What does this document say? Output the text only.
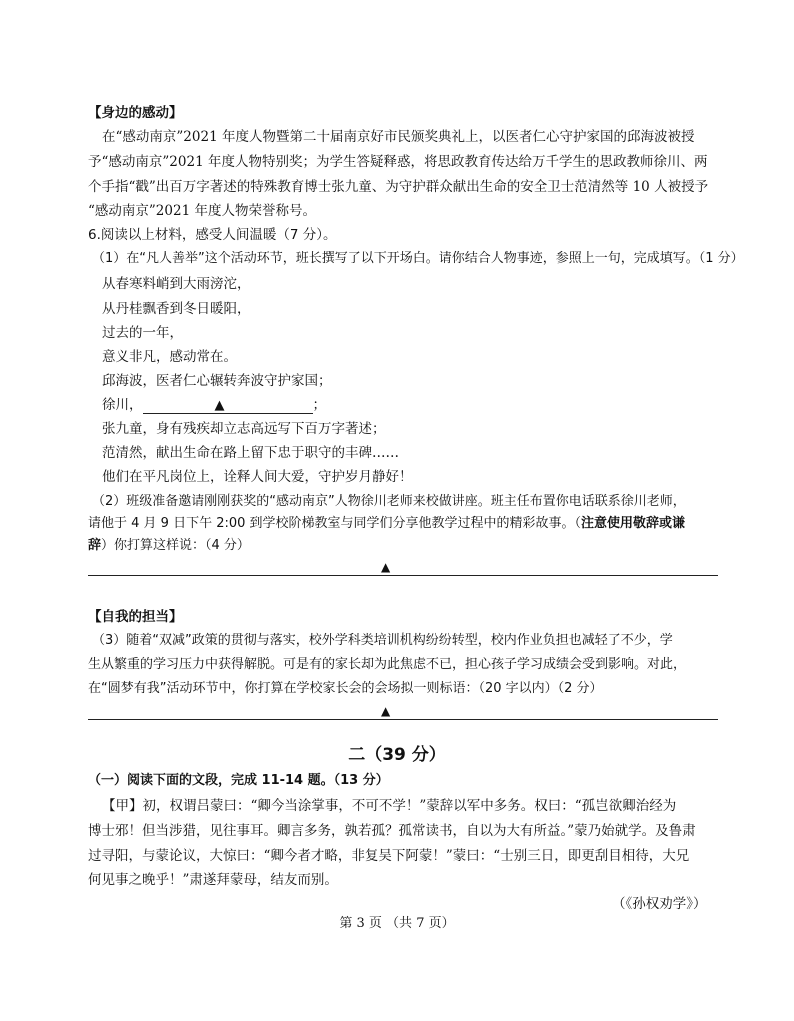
【身边的感动】
在“感动南京”2021 年度人物暨第二十届南京好市民颁奖典礼上，以医者仁心守护家国的邱海波被授
予“感动南京”2021 年度人物特别奖；为学生答疑释惑，将思政教育传达给万千学生的思政教师徐川、两
个手指“戳”出百万字著述的特殊教育博士张九童、为守护群众献出生命的安全卫士范清然等 10 人被授予
“感动南京”2021 年度人物荣誉称号。
6.阅读以上材料，感受人间温暖（7 分）。
（1）在“凡人善举”这个活动环节，班长撰写了以下开场白。请你结合人物事迹，参照上一句，完成填写。（1 分）
从春寒料峭到大雨滂沱，
从丹桂飘香到冬日暖阳，
过去的一年，
意义非凡，感动常在。
邱海波，医者仁心辗转奔波守护家国；
徐川，	▲	；
张九童，身有残疾却立志高远写下百万字著述；
范清然，献出生命在路上留下忠于职守的丰碑……
他们在平凡岗位上，诠释人间大爱，守护岁月静好！
（2）班级准备邀请刚刚获奖的“感动南京”人物徐川老师来校做讲座。班主任布置你电话联系徐川老师，
请他于 4 月 9 日下午 2:00 到学校阶梯教室与同学们分享他教学过程中的精彩故事。（注意使用敬辞或谦
辞）你打算这样说：（4 分）
▲
【自我的担当】
（3）随着“双减”政策的贯彻与落实，校外学科类培训机构纷纷转型，校内作业负担也减轻了不少，学
生从繁重的学习压力中获得解脱。可是有的家长却为此焦虑不已，担心孩子学习成绩会受到影响。对此，
在“圆梦有我”活动环节中，你打算在学校家长会的会场拟一则标语：（20 字以内）（2 分）
▲
二（39 分）
（一）阅读下面的文段，完成 11-14 题。（13 分）
【甲】初，权谓吕蒙曰：“卿今当涂掌事，不可不学！”蒙辞以军中多务。权曰：“孤岂欲卿治经为
博士邪！但当涉猎，见往事耳。卿言多务，孰若孤？孤常读书，自以为大有所益。”蒙乃始就学。及鲁肃
过寻阳，与蒙论议，大惊曰：“卿今者才略，非复吴下阿蒙！”蒙曰：“士别三日，即更刮目相待，大兄
何见事之晚乎！”肃遂拜蒙母，结友而别。
（《孙权劝学》）
第 3 页 （共 7 页）
